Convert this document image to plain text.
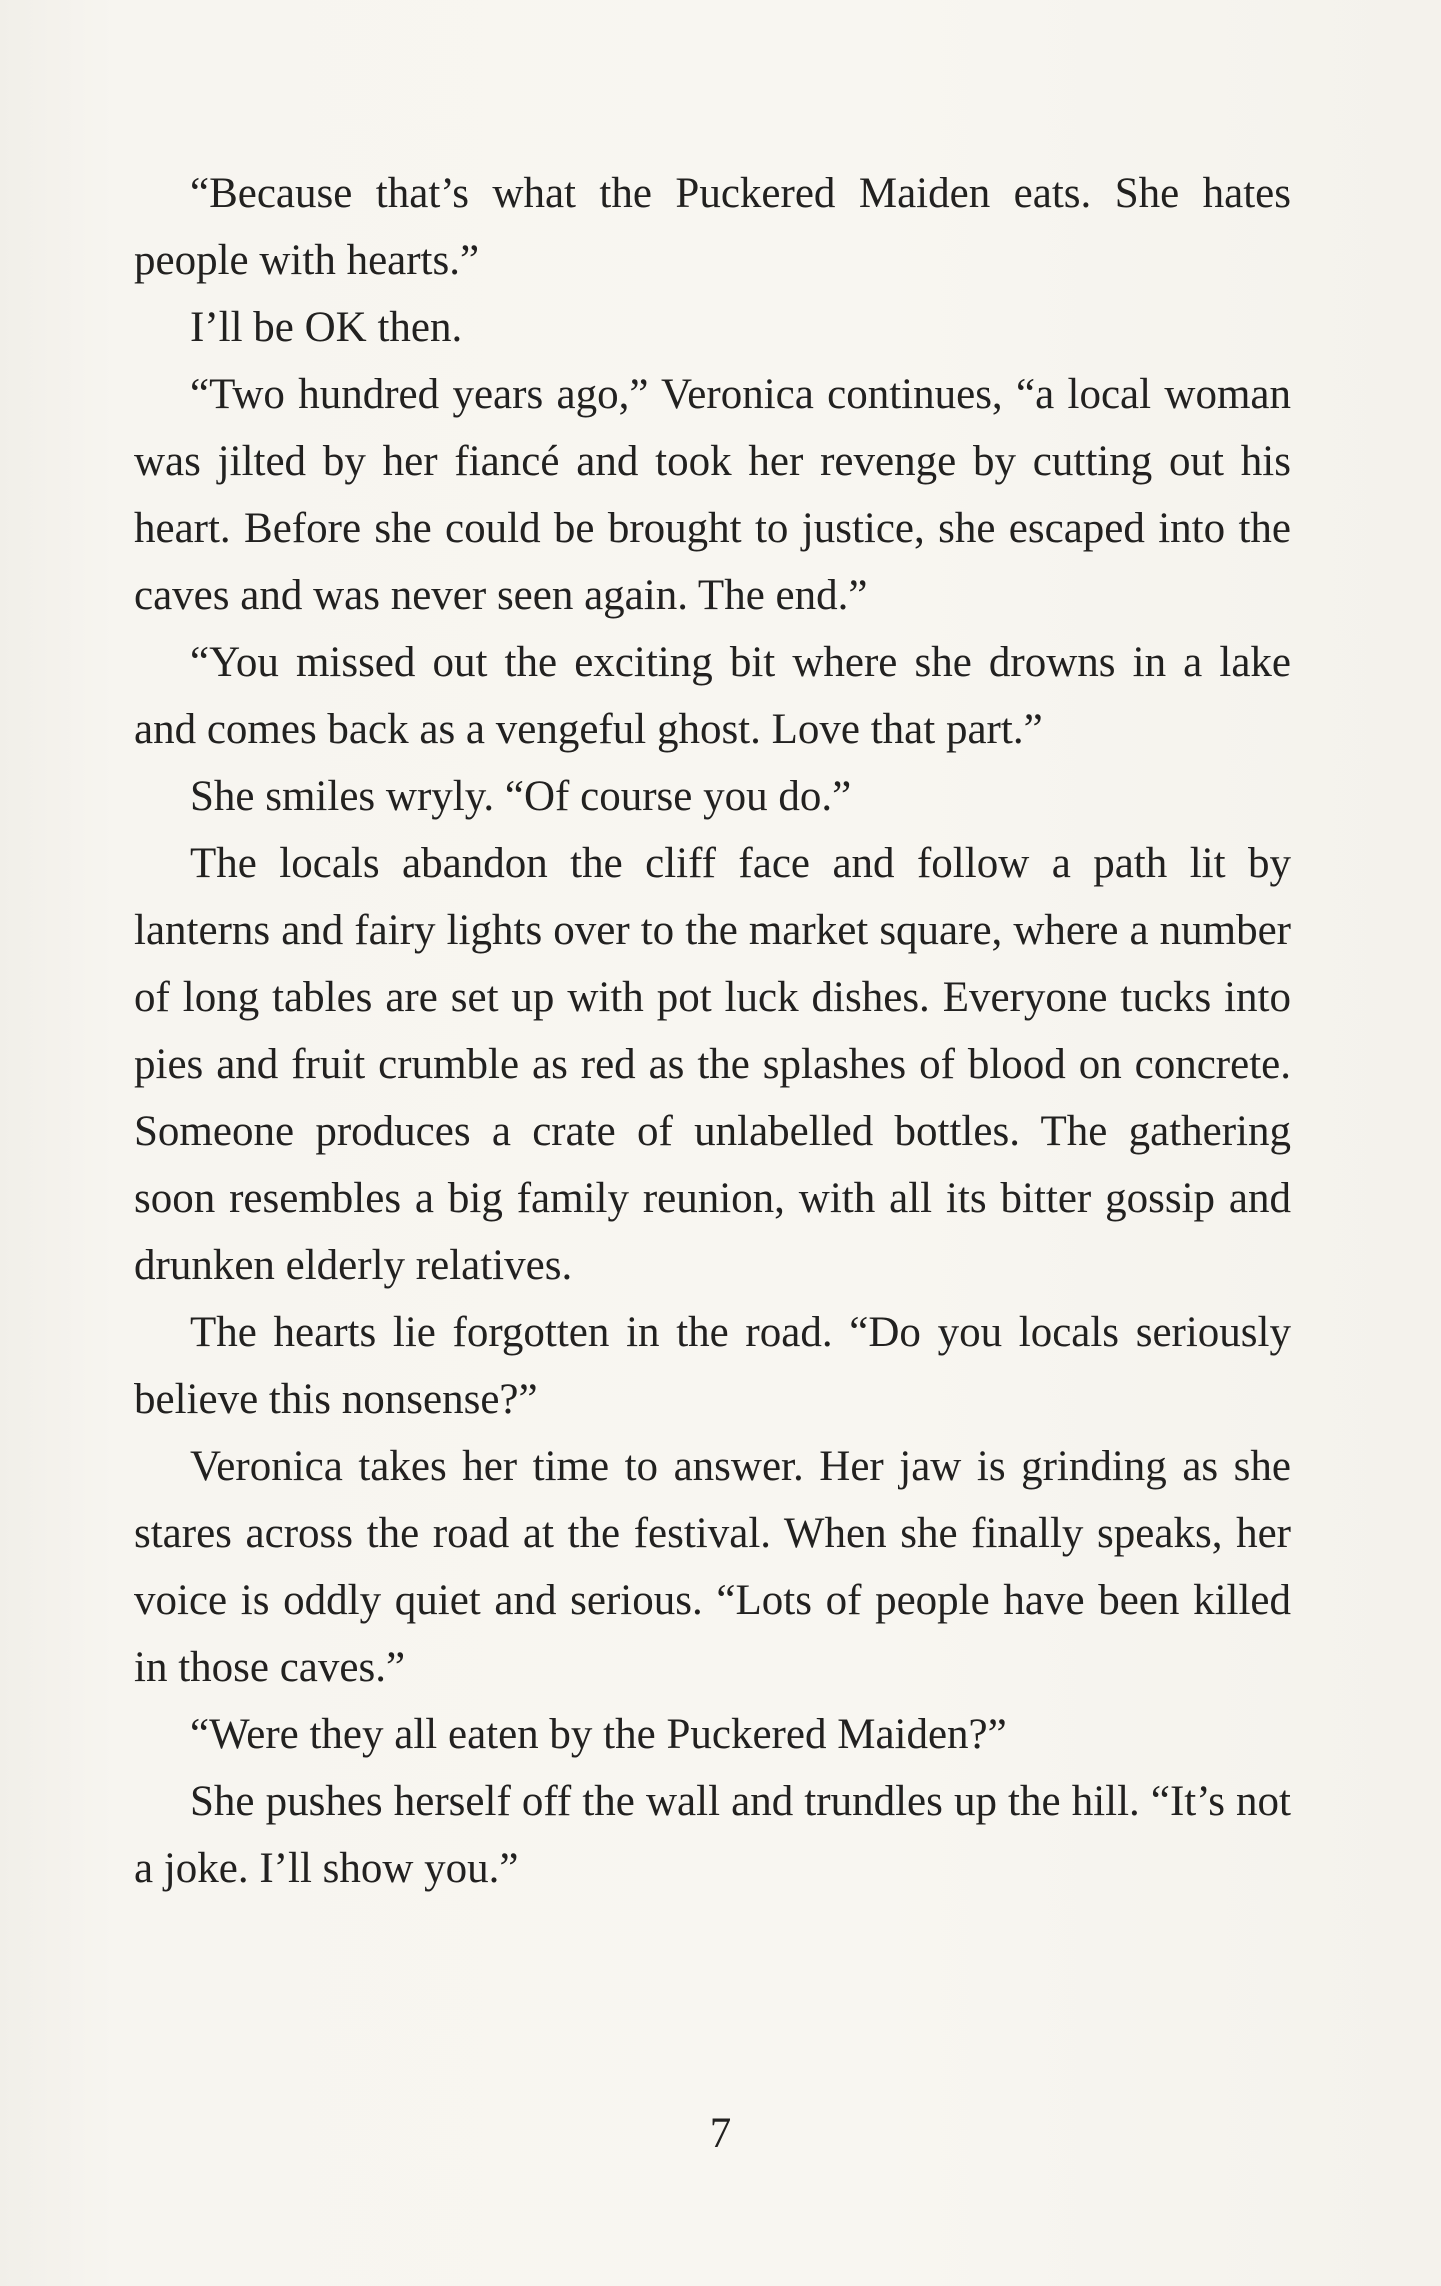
“Because that’s what the Puckered Maiden eats. She hates people with hearts.”

I’ll be OK then.

“Two hundred years ago,” Veronica continues, “a local woman was jilted by her fiancé and took her revenge by cutting out his heart. Before she could be brought to justice, she escaped into the caves and was never seen again. The end.”

“You missed out the exciting bit where she drowns in a lake and comes back as a vengeful ghost. Love that part.”

She smiles wryly. “Of course you do.”

The locals abandon the cliff face and follow a path lit by lanterns and fairy lights over to the market square, where a number of long tables are set up with pot luck dishes. Everyone tucks into pies and fruit crumble as red as the splashes of blood on concrete. Someone produces a crate of unlabelled bottles. The gathering soon resembles a big family reunion, with all its bitter gossip and drunken elderly relatives.

The hearts lie forgotten in the road. “Do you locals seriously believe this nonsense?”

Veronica takes her time to answer. Her jaw is grinding as she stares across the road at the festival. When she finally speaks, her voice is oddly quiet and serious. “Lots of people have been killed in those caves.”

“Were they all eaten by the Puckered Maiden?”

She pushes herself off the wall and trundles up the hill. “It’s not a joke. I’ll show you.”

7
